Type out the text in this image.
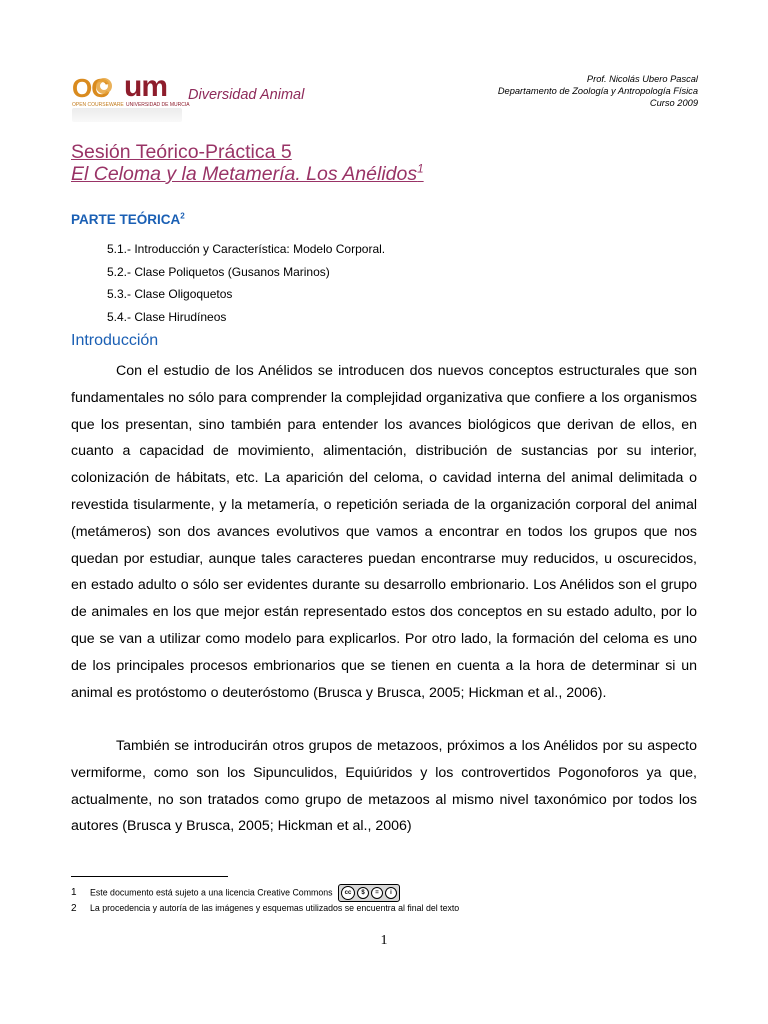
OC um
OPEN COURSEWARE UNIVERSIDAD DE MURCIA
Diversidad Animal
Prof. Nicolás Ubero Pascal
Departamento de Zoología y Antropología Física
Curso 2009
Sesión Teórico-Práctica 5
El Celoma y la Metamería. Los Anélidos$^1$
PARTE TEÓRICA$^2$
5.1.- Introducción y Característica: Modelo Corporal.
5.2.- Clase Poliquetos (Gusanos Marinos)
5.3.- Clase Oligoquetos
5.4.- Clase Hirudíneos
Introducción

Con el estudio de los Anélidos se introducen dos nuevos conceptos estructurales que son fundamentales no sólo para comprender la complejidad organizativa que confiere a los organismos que los presentan, sino también para entender los avances biológicos que derivan de ellos, en cuanto a capacidad de movimiento, alimentación, distribución de sustancias por su interior, colonización de hábitats, etc. La aparición del celoma, o cavidad interna del animal delimitada o revestida tisularmente, y la metamería, o repetición seriada de la organización corporal del animal (metámeros) son dos avances evolutivos que vamos a encontrar en todos los grupos que nos quedan por estudiar, aunque tales caracteres puedan encontrarse muy reducidos, u oscurecidos, en estado adulto o sólo ser evidentes durante su desarrollo embrionario. Los Anélidos son el grupo de animales en los que mejor están representado estos dos conceptos en su estado adulto, por lo que se van a utilizar como modelo para explicarlos. Por otro lado, la formación del celoma es uno de los principales procesos embrionarios que se tienen en cuenta a la hora de determinar si un animal es protóstomo o deuteróstomo (Brusca y Brusca, 2005; Hickman et al., 2006).

También se introducirán otros grupos de metazoos, próximos a los Anélidos por su aspecto vermiforme, como son los Sipunculidos, Equiúridos y los controvertidos Pogonoforos ya que, actualmente, no son tratados como grupo de metazoos al mismo nivel taxonómico por todos los autores (Brusca y Brusca, 2005; Hickman et al., 2006)

1 Este documento está sujeto a una licencia Creative Commons	cc	$	=	i
2 La procedencia y autoría de las imágenes y esquemas utilizados se encuentra al final del texto
1
